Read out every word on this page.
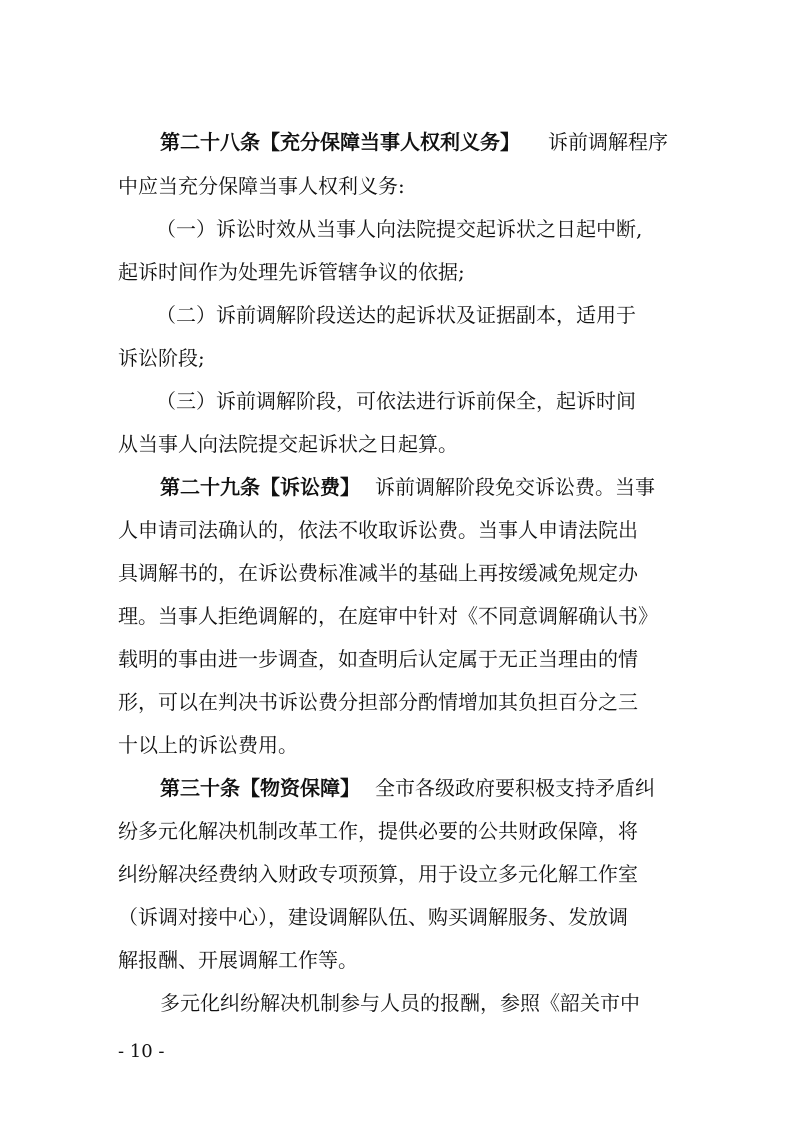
第二十八条【充分保障当事人权利义务】 诉前调解程序
中应当充分保障当事人权利义务:
（一）诉讼时效从当事人向法院提交起诉状之日起中断,
起诉时间作为处理先诉管辖争议的依据;
（二）诉前调解阶段送达的起诉状及证据副本，适用于
诉讼阶段;
（三）诉前调解阶段，可依法进行诉前保全，起诉时间
从当事人向法院提交起诉状之日起算。
第二十九条【诉讼费】 诉前调解阶段免交诉讼费。当事
人申请司法确认的，依法不收取诉讼费。当事人申请法院出
具调解书的，在诉讼费标准减半的基础上再按缓减免规定办
理。当事人拒绝调解的，在庭审中针对《不同意调解确认书》
载明的事由进一步调查，如查明后认定属于无正当理由的情
形，可以在判决书诉讼费分担部分酌情增加其负担百分之三
十以上的诉讼费用。
第三十条【物资保障】 全市各级政府要积极支持矛盾纠
纷多元化解决机制改革工作，提供必要的公共财政保障，将
纠纷解决经费纳入财政专项预算，用于设立多元化解工作室
（诉调对接中心），建设调解队伍、购买调解服务、发放调
解报酬、开展调解工作等。
多元化纠纷解决机制参与人员的报酬，参照《韶关市中
- 10 -
